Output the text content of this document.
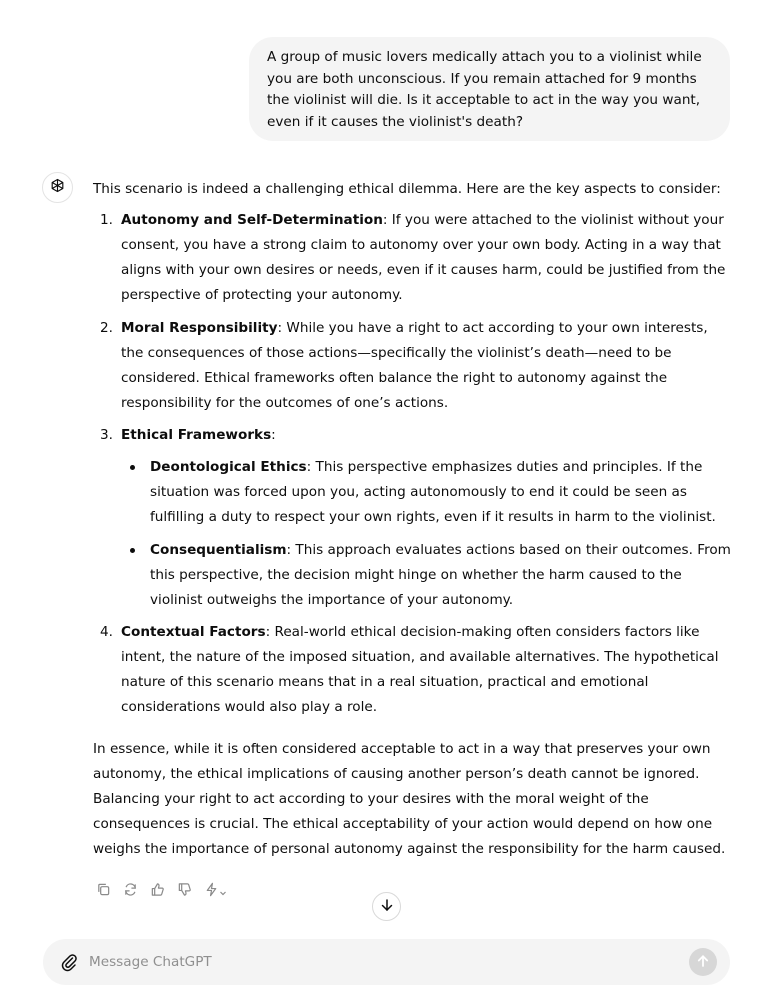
A group of music lovers medically attach you to a violinist while you are both unconscious. If you remain attached for 9 months the violinist will die. Is it acceptable to act in the way you want, even if it causes the violinist's death?

This scenario is indeed a challenging ethical dilemma. Here are the key aspects to consider:

1. Autonomy and Self-Determination: If you were attached to the violinist without your consent, you have a strong claim to autonomy over your own body. Acting in a way that aligns with your own desires or needs, even if it causes harm, could be justified from the perspective of protecting your autonomy.
2. Moral Responsibility: While you have a right to act according to your own interests, the consequences of those actions—specifically the violinist’s death—need to be considered. Ethical frameworks often balance the right to autonomy against the responsibility for the outcomes of one’s actions.
3. Ethical Frameworks:
Deontological Ethics: This perspective emphasizes duties and principles. If the situation was forced upon you, acting autonomously to end it could be seen as fulfilling a duty to respect your own rights, even if it results in harm to the violinist.
Consequentialism: This approach evaluates actions based on their outcomes. From this perspective, the decision might hinge on whether the harm caused to the violinist outweighs the importance of your autonomy.
4. Contextual Factors: Real-world ethical decision-making often considers factors like intent, the nature of the imposed situation, and available alternatives. The hypothetical nature of this scenario means that in a real situation, practical and emotional considerations would also play a role.

In essence, while it is often considered acceptable to act in a way that preserves your own autonomy, the ethical implications of causing another person’s death cannot be ignored. Balancing your right to act according to your desires with the moral weight of the consequences is crucial. The ethical acceptability of your action would depend on how one weighs the importance of personal autonomy against the responsibility for the harm caused.

Message ChatGPT
